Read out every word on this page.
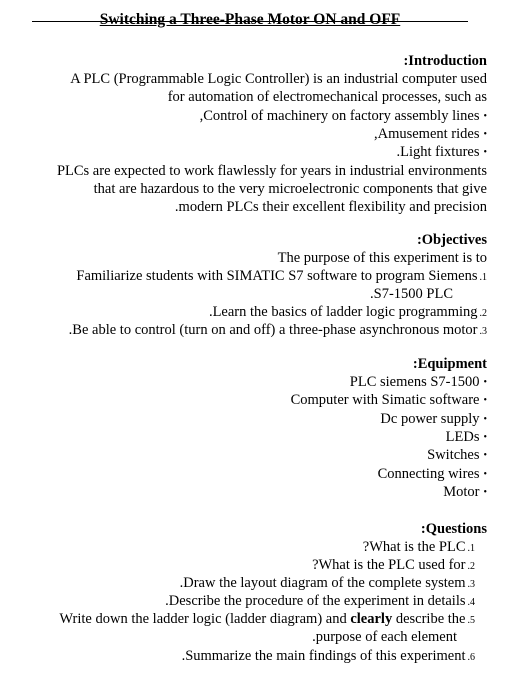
Switching a Three-Phase Motor ON and OFF
:Introduction
A PLC (Programmable Logic Controller) is an industrial computer used
for automation of electromechanical processes, such as
,Control of machinery on factory assembly lines •
,Amusement rides •
.Light fixtures •
PLCs are expected to work flawlessly for years in industrial environments
that are hazardous to the very microelectronic components that give
.modern PLCs their excellent flexibility and precision
:Objectives
The purpose of this experiment is to
Familiarize students with SIMATIC S7 software to program Siemens .1
.S7-1500 PLC
.Learn the basics of ladder logic programming .2
.Be able to control (turn on and off) a three-phase asynchronous motor .3
:Equipment
PLC siemens S7-1500 •
Computer with Simatic software •
Dc power supply •
LEDs •
Switches •
Connecting wires •
Motor •
:Questions
?What is the PLC .1
?What is the PLC used for .2
.Draw the layout diagram of the complete system .3
.Describe the procedure of the experiment in details .4
Write down the ladder logic (ladder diagram) and clearly describe the .5
.purpose of each element
.Summarize the main findings of this experiment .6
